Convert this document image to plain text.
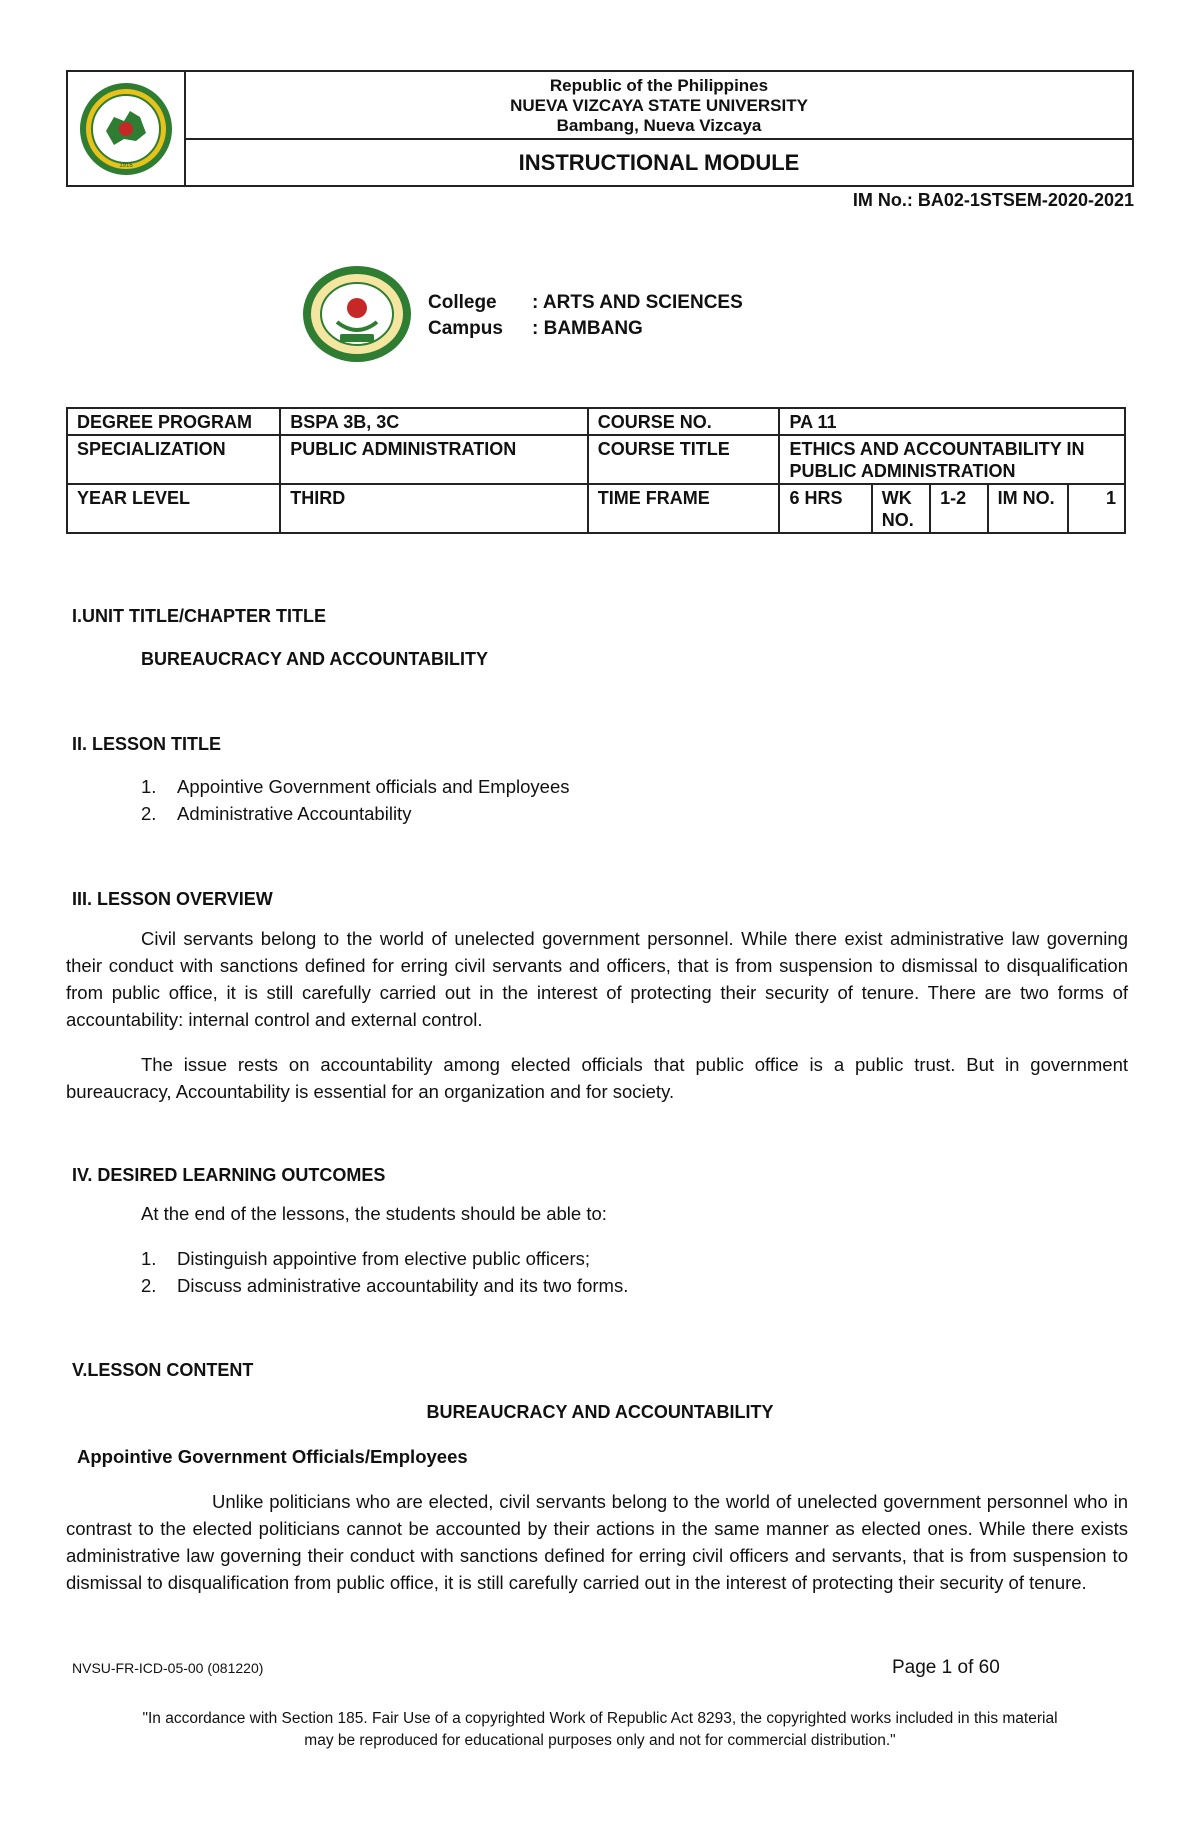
1916
Republic of the Philippines
NUEVA VIZCAYA STATE UNIVERSITY
Bambang, Nueva Vizcaya
INSTRUCTIONAL MODULE
IM No.: BA02-1STSEM-2020-2021
College : ARTS AND SCIENCES
Campus : BAMBANG
DEGREE PROGRAM	BSPA 3B, 3C	COURSE NO.	PA 11				
SPECIALIZATION	PUBLIC ADMINISTRATION	COURSE TITLE	ETHICS AND ACCOUNTABILITY IN PUBLIC ADMINISTRATION				
YEAR LEVEL	THIRD	TIME FRAME	6 HRS	WK NO.	1-2	IM NO.	1
I.UNIT TITLE/CHAPTER TITLE
BUREAUCRACY AND ACCOUNTABILITY
II. LESSON TITLE
1. Appointive Government officials and Employees
2. Administrative Accountability
III. LESSON OVERVIEW
Civil servants belong to the world of unelected government personnel. While there exist administrative law governing their conduct with sanctions defined for erring civil servants and officers, that is from suspension to dismissal to disqualification from public office, it is still carefully carried out in the interest of protecting their security of tenure. There are two forms of accountability: internal control and external control.
The issue rests on accountability among elected officials that public office is a public trust. But in government bureaucracy, Accountability is essential for an organization and for society.
IV. DESIRED LEARNING OUTCOMES
At the end of the lessons, the students should be able to:
1. Distinguish appointive from elective public officers;
2. Discuss administrative accountability and its two forms.
V.LESSON CONTENT
BUREAUCRACY AND ACCOUNTABILITY
Appointive Government Officials/Employees
Unlike politicians who are elected, civil servants belong to the world of unelected government personnel who in contrast to the elected politicians cannot be accounted by their actions in the same manner as elected ones. While there exists administrative law governing their conduct with sanctions defined for erring civil officers and servants, that is from suspension to dismissal to disqualification from public office, it is still carefully carried out in the interest of protecting their security of tenure.
NVSU-FR-ICD-05-00 (081220)	Page 1 of 60
"In accordance with Section 185. Fair Use of a copyrighted Work of Republic Act 8293, the copyrighted works included in this material
may be reproduced for educational purposes only and not for commercial distribution."
